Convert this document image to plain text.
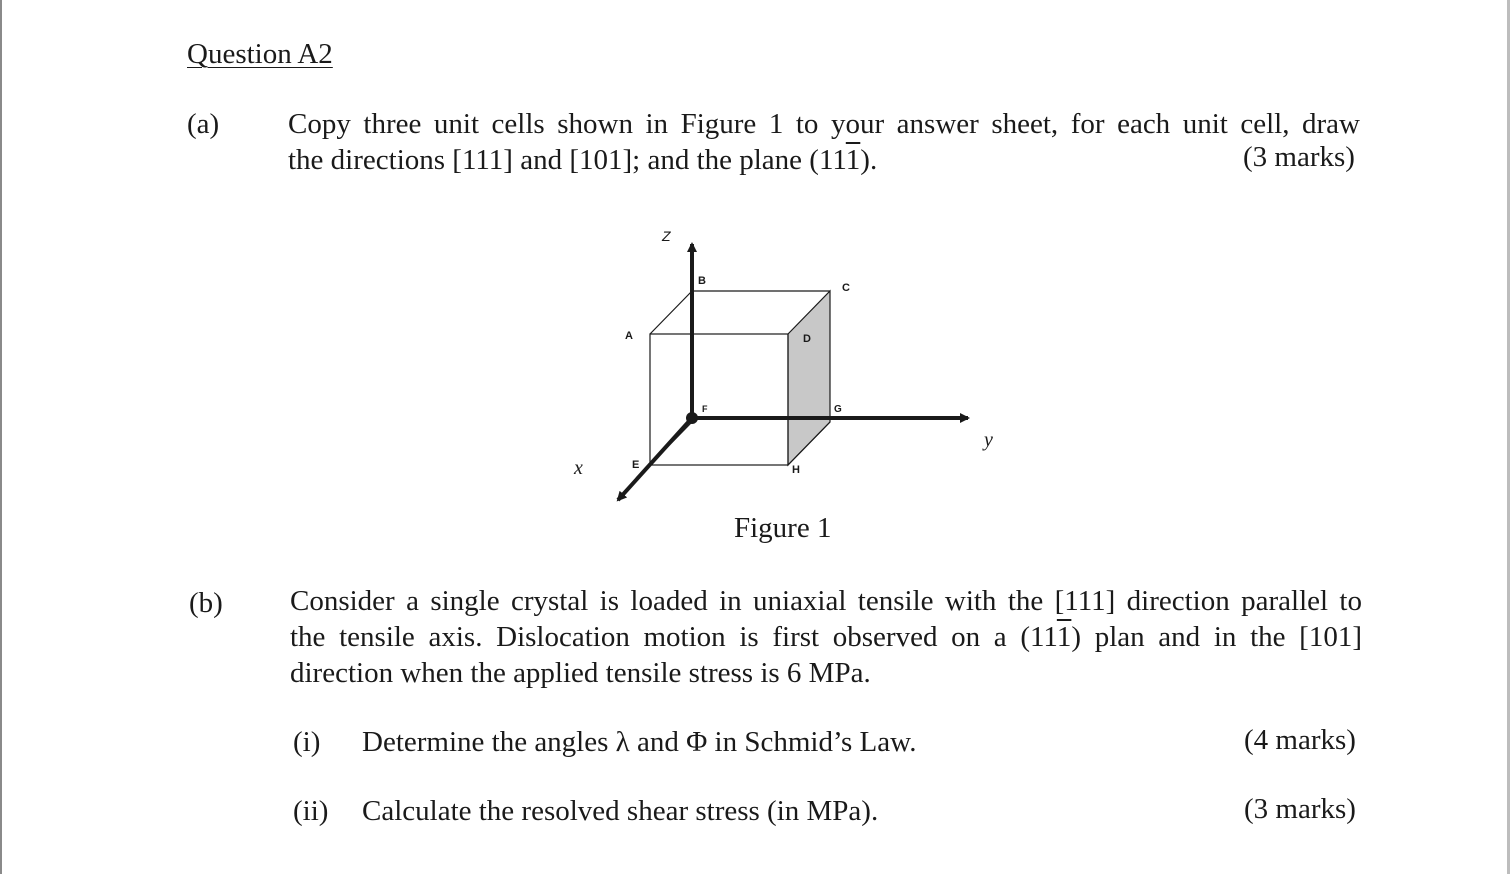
Question A2
(a) Copy three unit cells shown in Figure 1 to your answer sheet, for each unit cell, draw
the directions [111] and [101]; and the plane (111).	(3 marks)
Z
y
x
A
B
C
D
E
F	G
H
Figure 1
(b) Consider a single crystal is loaded in uniaxial tensile with the [111] direction parallel to
the tensile axis. Dislocation motion is first observed on a (111) plan and in the [101]
direction when the applied tensile stress is 6 MPa.
(i) Determine the angles λ and Φ in Schmid’s Law.	(4 marks)
(ii) Calculate the resolved shear stress (in MPa).	(3 marks)
